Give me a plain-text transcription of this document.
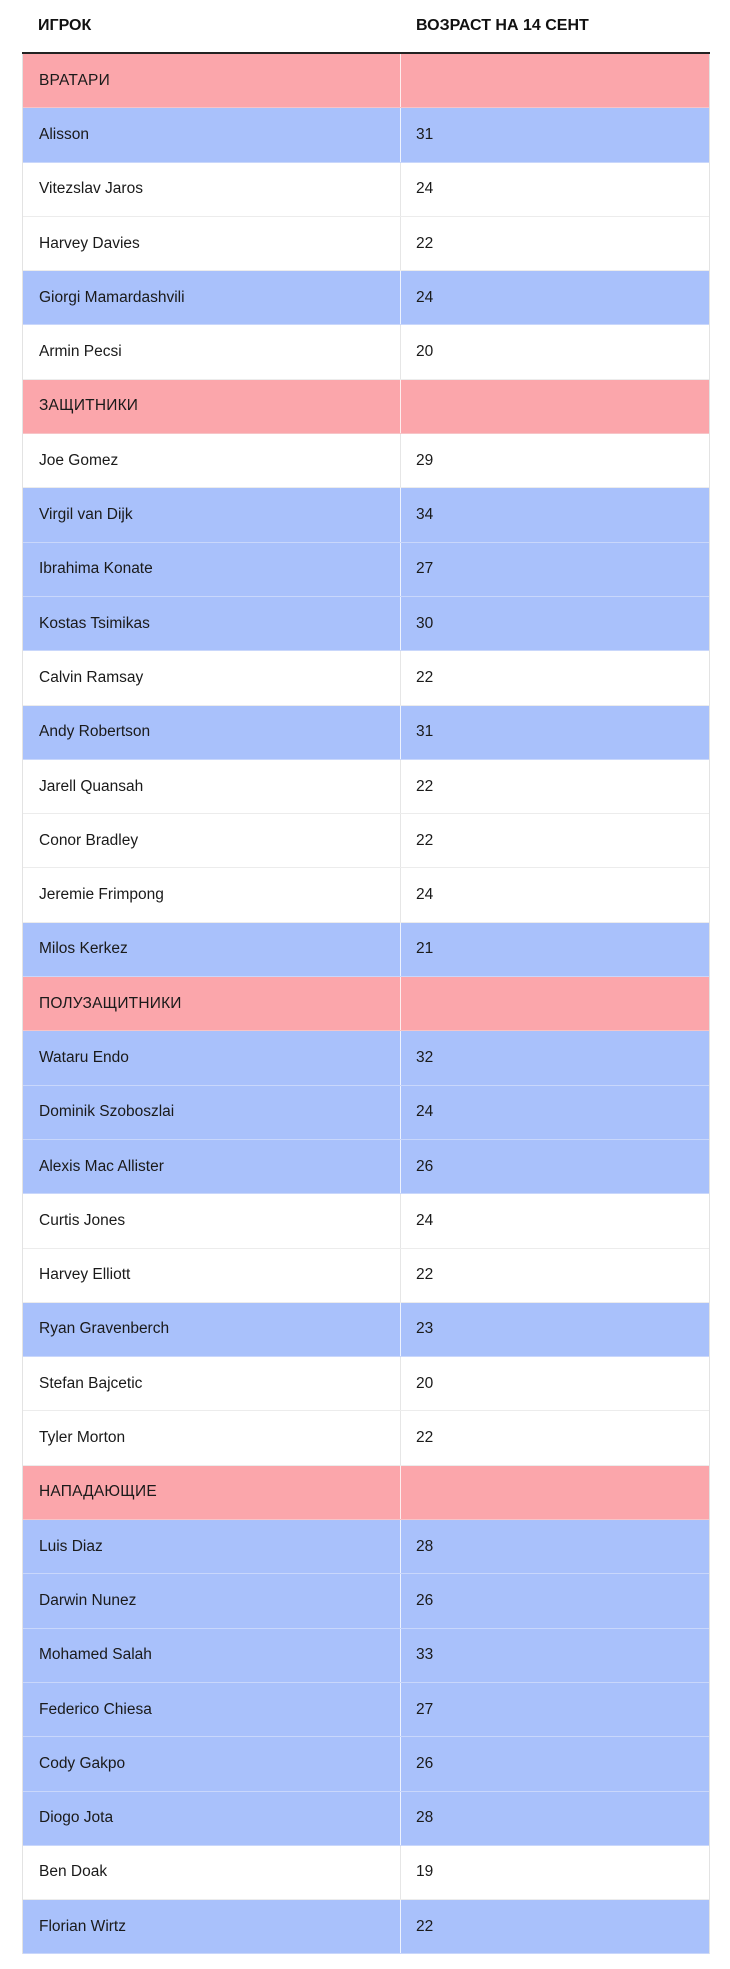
ИГРОК	ВОЗРАСТ НА 14 СЕНТ
ВРАТАРИ
Alisson	31
Vitezslav Jaros	24
Harvey Davies	22
Giorgi Mamardashvili	24
Armin Pecsi	20
ЗАЩИТНИКИ
Joe Gomez	29
Virgil van Dijk	34
Ibrahima Konate	27
Kostas Tsimikas	30
Calvin Ramsay	22
Andy Robertson	31
Jarell Quansah	22
Conor Bradley	22
Jeremie Frimpong	24
Milos Kerkez	21
ПОЛУЗАЩИТНИКИ
Wataru Endo	32
Dominik Szoboszlai	24
Alexis Mac Allister	26
Curtis Jones	24
Harvey Elliott	22
Ryan Gravenberch	23
Stefan Bajcetic	20
Tyler Morton	22
НАПАДАЮЩИЕ
Luis Diaz	28
Darwin Nunez	26
Mohamed Salah	33
Federico Chiesa	27
Cody Gakpo	26
Diogo Jota	28
Ben Doak	19
Florian Wirtz	22
